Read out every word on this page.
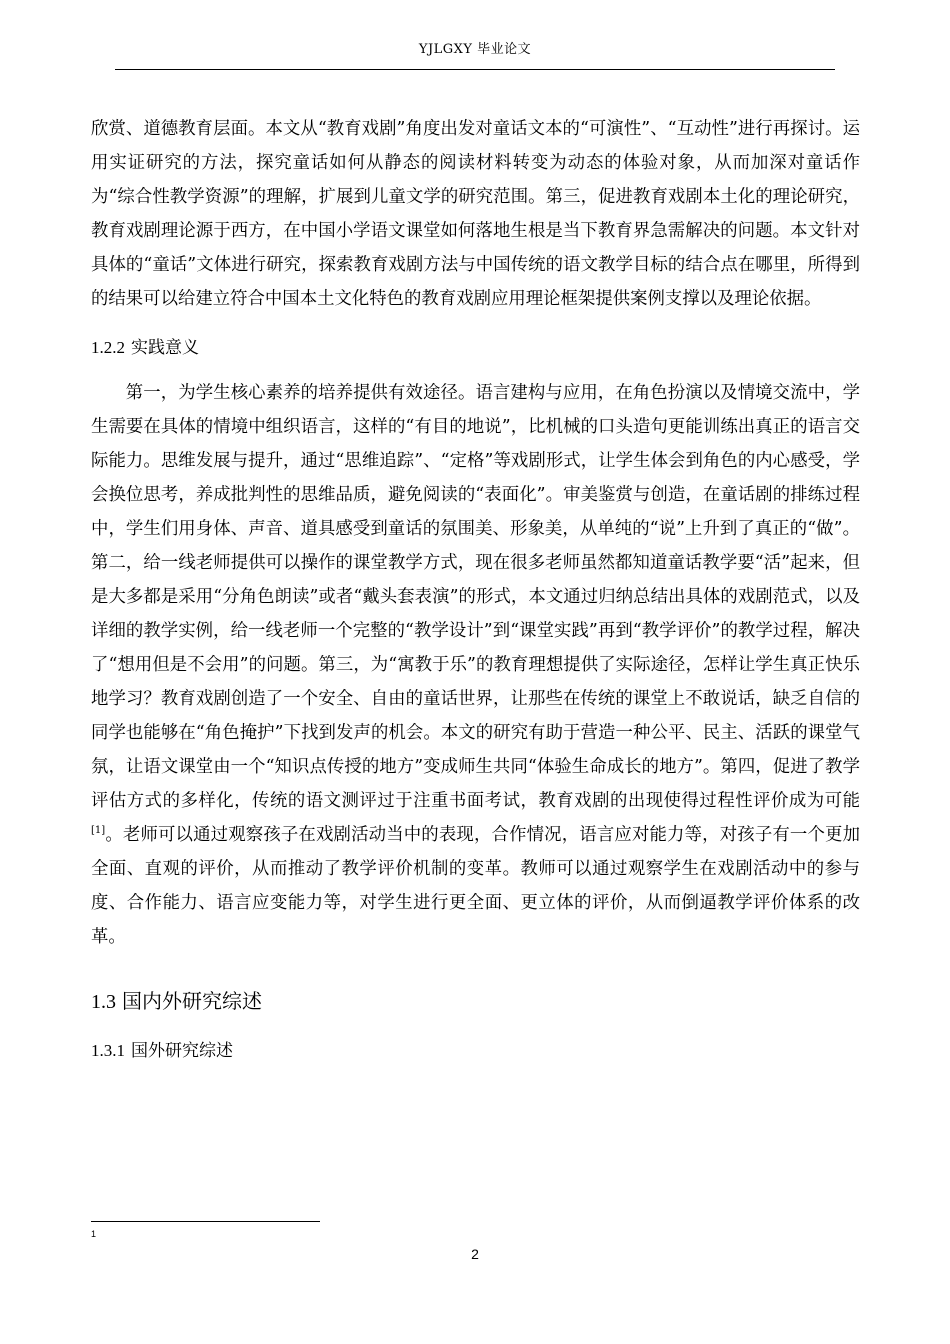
YJLGXY 毕业论文

欣赏、道德教育层面。本文从“教育戏剧”角度出发对童话文本的“可演性”、“互动性”进行再探讨。运用实证研究的方法，探究童话如何从静态的阅读材料转变为动态的体验对象，从而加深对童话作为“综合性教学资源”的理解，扩展到儿童文学的研究范围。第三，促进教育戏剧本土化的理论研究，教育戏剧理论源于西方，在中国小学语文课堂如何落地生根是当下教育界急需解决的问题。本文针对具体的“童话”文体进行研究，探索教育戏剧方法与中国传统的语文教学目标的结合点在哪里，所得到的结果可以给建立符合中国本土文化特色的教育戏剧应用理论框架提供案例支撑以及理论依据。

1.2.2 实践意义

第一，为学生核心素养的培养提供有效途径。语言建构与应用，在角色扮演以及情境交流中，学生需要在具体的情境中组织语言，这样的“有目的地说”，比机械的口头造句更能训练出真正的语言交际能力。思维发展与提升，通过“思维追踪”、“定格”等戏剧形式，让学生体会到角色的内心感受，学会换位思考，养成批判性的思维品质，避免阅读的“表面化”。审美鉴赏与创造，在童话剧的排练过程中，学生们用身体、声音、道具感受到童话的氛围美、形象美，从单纯的“说”上升到了真正的“做”。第二，给一线老师提供可以操作的课堂教学方式，现在很多老师虽然都知道童话教学要“活”起来，但是大多都是采用“分角色朗读”或者“戴头套表演”的形式，本文通过归纳总结出具体的戏剧范式，以及详细的教学实例，给一线老师一个完整的“教学设计”到“课堂实践”再到“教学评价”的教学过程，解决了“想用但是不会用”的问题。第三，为“寓教于乐”的教育理想提供了实际途径，怎样让学生真正快乐地学习？教育戏剧创造了一个安全、自由的童话世界，让那些在传统的课堂上不敢说话，缺乏自信的同学也能够在“角色掩护”下找到发声的机会。本文的研究有助于营造一种公平、民主、活跃的课堂气氛，让语文课堂由一个“知识点传授的地方”变成师生共同“体验生命成长的地方”。第四，促进了教学评估方式的多样化，传统的语文测评过于注重书面考试，教育戏剧的出现使得过程性评价成为可能[1]。老师可以通过观察孩子在戏剧活动当中的表现，合作情况，语言应对能力等，对孩子有一个更加全面、直观的评价，从而推动了教学评价机制的变革。教师可以通过观察学生在戏剧活动中的参与度、合作能力、语言应变能力等，对学生进行更全面、更立体的评价，从而倒逼教学评价体系的改革。

1.3 国内外研究综述

1.3.1 国外研究综述

1
2
